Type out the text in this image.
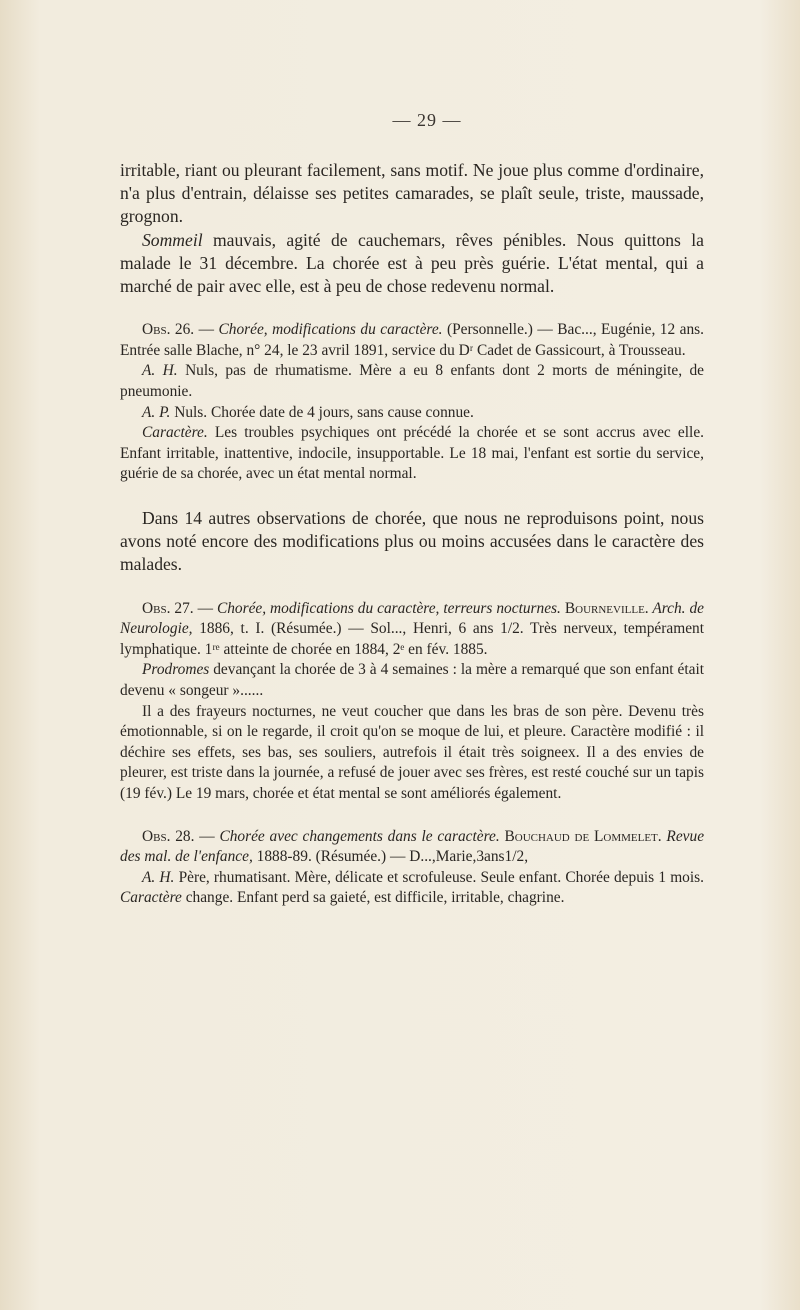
— 29 —

irritable, riant ou pleurant facilement, sans motif. Ne joue plus comme d'ordinaire, n'a plus d'entrain, délaisse ses petites camarades, se plaît seule, triste, maussade, grognon.

Sommeil mauvais, agité de cauchemars, rêves pénibles. Nous quittons la malade le 31 décembre. La chorée est à peu près guérie. L'état mental, qui a marché de pair avec elle, est à peu de chose redevenu normal.

Obs. 26. — Chorée, modifications du caractère. (Personnelle.) — Bac..., Eugénie, 12 ans. Entrée salle Blache, n° 24, le 23 avril 1891, service du Dʳ Cadet de Gassicourt, à Trousseau.

A. H. Nuls, pas de rhumatisme. Mère a eu 8 enfants dont 2 morts de méningite, de pneumonie.

A. P. Nuls. Chorée date de 4 jours, sans cause connue.

Caractère. Les troubles psychiques ont précédé la chorée et se sont accrus avec elle. Enfant irritable, inattentive, indocile, insupportable. Le 18 mai, l'enfant est sortie du service, guérie de sa chorée, avec un état mental normal.

Dans 14 autres observations de chorée, que nous ne reproduisons point, nous avons noté encore des modifications plus ou moins accusées dans le caractère des malades.

Obs. 27. — Chorée, modifications du caractère, terreurs nocturnes. Bourneville. Arch. de Neurologie, 1886, t. I. (Résumée.) — Sol..., Henri, 6 ans 1/2. Très nerveux, tempérament lymphatique. 1ʳᵉ atteinte de chorée en 1884, 2ᵉ en fév. 1885.

Prodromes devançant la chorée de 3 à 4 semaines : la mère a remarqué que son enfant était devenu « songeur »......

Il a des frayeurs nocturnes, ne veut coucher que dans les bras de son père. Devenu très émotionnable, si on le regarde, il croit qu'on se moque de lui, et pleure. Caractère modifié : il déchire ses effets, ses bas, ses souliers, autrefois il était très soigneex. Il a des envies de pleurer, est triste dans la journée, a refusé de jouer avec ses frères, est resté couché sur un tapis (19 fév.) Le 19 mars, chorée et état mental se sont améliorés également.

Obs. 28. — Chorée avec changements dans le caractère. Bouchaud de Lommelet. Revue des mal. de l'enfance, 1888-89. (Résumée.) — D...,Marie,3ans1/2,

A. H. Père, rhumatisant. Mère, délicate et scrofuleuse. Seule enfant. Chorée depuis 1 mois. Caractère change. Enfant perd sa gaieté, est difficile, irritable, chagrine.
